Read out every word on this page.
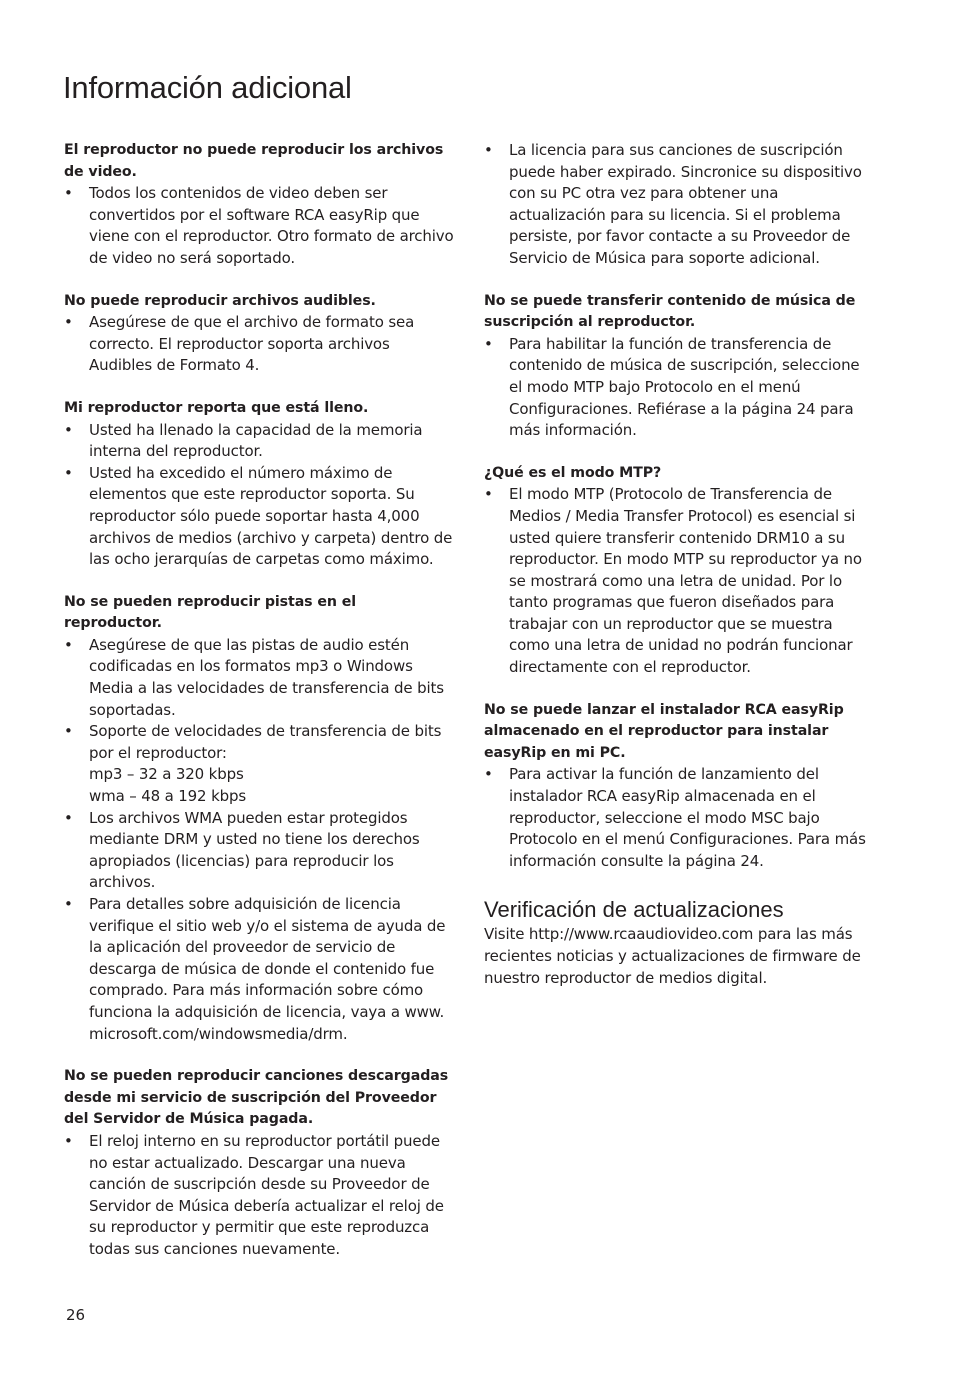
Información adicional

El reproductor no puede reproducir los archivos de video.

• Todos los contenidos de video deben ser convertidos por el software RCA easyRip que viene con el reproductor. Otro formato de archivo de video no será soportado.

No puede reproducir archivos audibles.

• Asegúrese de que el archivo de formato sea correcto. El reproductor soporta archivos Audibles de Formato 4.

Mi reproductor reporta que está lleno.

• Usted ha llenado la capacidad de la memoria interna del reproductor.
• Usted ha excedido el número máximo de elementos que este reproductor soporta. Su reproductor sólo puede soportar hasta 4,000 archivos de medios (archivo y carpeta) dentro de las ocho jerarquías de carpetas como máximo.

No se pueden reproducir pistas en el reproductor.

• Asegúrese de que las pistas de audio estén codificadas en los formatos mp3 o Windows Media a las velocidades de transferencia de bits soportadas.
• Soporte de velocidades de transferencia de bits por el reproductor:
mp3 – 32 a 320 kbps
wma – 48 a 192 kbps
• Los archivos WMA pueden estar protegidos mediante DRM y usted no tiene los derechos apropiados (licencias) para reproducir los archivos.
• Para detalles sobre adquisición de licencia verifique el sitio web y/o el sistema de ayuda de la aplicación del proveedor de servicio de descarga de música de donde el contenido fue comprado. Para más información sobre cómo funciona la adquisición de licencia, vaya a www. microsoft.com/windowsmedia/drm.

No se pueden reproducir canciones descargadas desde mi servicio de suscripción del Proveedor del Servidor de Música pagada.

• El reloj interno en su reproductor portátil puede no estar actualizado. Descargar una nueva canción de suscripción desde su Proveedor de Servidor de Música debería actualizar el reloj de su reproductor y permitir que este reproduzca todas sus canciones nuevamente.
• La licencia para sus canciones de suscripción puede haber expirado. Sincronice su dispositivo con su PC otra vez para obtener una actualización para su licencia. Si el problema persiste, por favor contacte a su Proveedor de Servicio de Música para soporte adicional.

No se puede transferir contenido de música de suscripción al reproductor.

• Para habilitar la función de transferencia de contenido de música de suscripción, seleccione el modo MTP bajo Protocolo en el menú Configuraciones. Refiérase a la página 24 para más información.

¿Qué es el modo MTP?

• El modo MTP (Protocolo de Transferencia de Medios / Media Transfer Protocol) es esencial si usted quiere transferir contenido DRM10 a su reproductor. En modo MTP su reproductor ya no se mostrará como una letra de unidad. Por lo tanto programas que fueron diseñados para trabajar con un reproductor que se muestra como una letra de unidad no podrán funcionar directamente con el reproductor.

No se puede lanzar el instalador RCA easyRip almacenado en el reproductor para instalar easyRip en mi PC.

• Para activar la función de lanzamiento del instalador RCA easyRip almacenada en el reproductor, seleccione el modo MSC bajo Protocolo en el menú Configuraciones. Para más información consulte la página 24.
Verificación de actualizaciones

Visite http://www.rcaaudiovideo.com para las más recientes noticias y actualizaciones de firmware de nuestro reproductor de medios digital.

26
